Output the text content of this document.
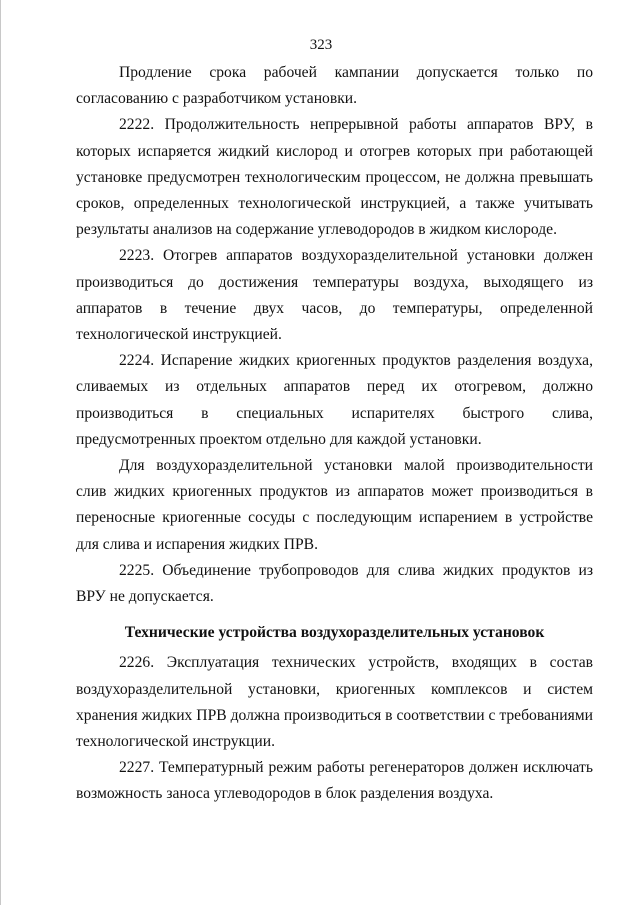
323

Продление срока рабочей кампании допускается только по согласованию с разработчиком установки.

2222. Продолжительность непрерывной работы аппаратов ВРУ, в которых испаряется жидкий кислород и отогрев которых при работающей установке предусмотрен технологическим процессом, не должна превышать сроков, определенных технологической инструкцией, а также учитывать результаты анализов на содержание углеводородов в жидком кислороде.

2223. Отогрев аппаратов воздухоразделительной установки должен производиться до достижения температуры воздуха, выходящего из аппаратов в течение двух часов, до температуры, определенной технологической инструкцией.

2224. Испарение жидких криогенных продуктов разделения воздуха, сливаемых из отдельных аппаратов перед их отогревом, должно производиться в специальных испарителях быстрого слива, предусмотренных проектом отдельно для каждой установки.

Для воздухоразделительной установки малой производительности слив жидких криогенных продуктов из аппаратов может производиться в переносные криогенные сосуды с последующим испарением в устройстве для слива и испарения жидких ПРВ.

2225. Объединение трубопроводов для слива жидких продуктов из ВРУ не допускается.

Технические устройства воздухоразделительных установок

2226. Эксплуатация технических устройств, входящих в состав воздухоразделительной установки, криогенных комплексов и систем хранения жидких ПРВ должна производиться в соответствии с требованиями технологической инструкции.

2227. Температурный режим работы регенераторов должен исключать возможность заноса углеводородов в блок разделения воздуха.
